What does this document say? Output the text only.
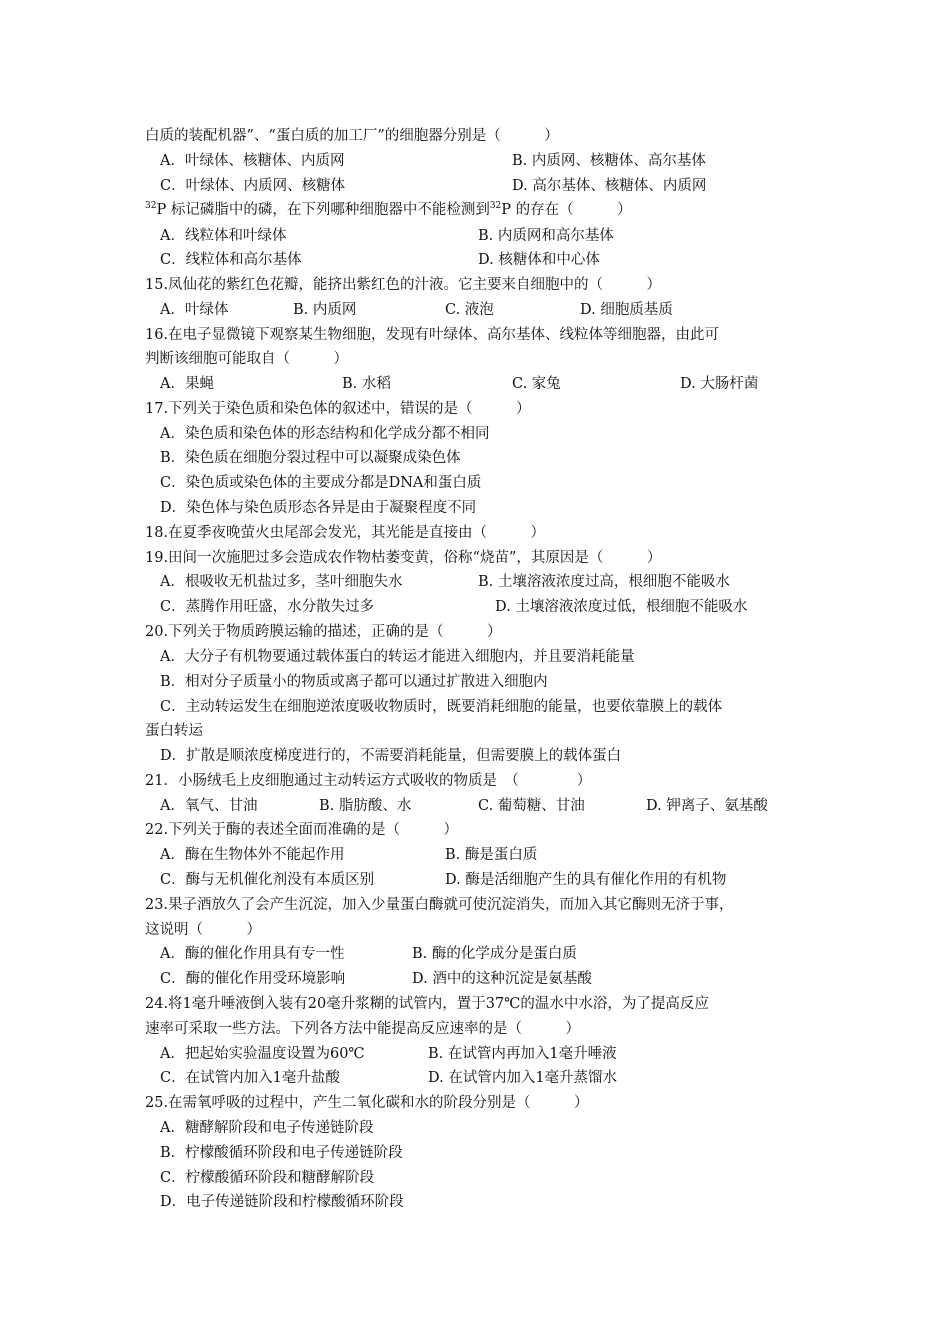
白质的装配机器”、“蛋白质的加工厂”的细胞器分别是（　　　）
A．叶绿体、核糖体、内质网	B. 内质网、核糖体、高尔基体
C．叶绿体、内质网、核糖体	D. 高尔基体、核糖体、内质网
$^{32}$P 标记磷脂中的磷，在下列哪种细胞器中不能检测到$^{32}$P 的存在（　　　）
A．线粒体和叶绿体	B. 内质网和高尔基体
C．线粒体和高尔基体	D. 核糖体和中心体
15.凤仙花的紫红色花瓣，能挤出紫红色的汁液。它主要来自细胞中的（　　　）
A．叶绿体	B. 内质网	C. 液泡	D. 细胞质基质
16.在电子显微镜下观察某生物细胞，发现有叶绿体、高尔基体、线粒体等细胞器，由此可
判断该细胞可能取自（　　　）
A．果蝇	B. 水稻	C. 家兔	D. 大肠杆菌
17.下列关于染色质和染色体的叙述中，错误的是（　　　）
A．染色质和染色体的形态结构和化学成分都不相同
B．染色质在细胞分裂过程中可以凝聚成染色体
C．染色质或染色体的主要成分都是DNA和蛋白质
D．染色体与染色质形态各异是由于凝聚程度不同
18.在夏季夜晚萤火虫尾部会发光，其光能是直接由（　　　）
19.田间一次施肥过多会造成农作物枯萎变黄，俗称“烧苗”，其原因是（　　　）
A．根吸收无机盐过多，茎叶细胞失水	B. 土壤溶液浓度过高，根细胞不能吸水
C．蒸腾作用旺盛，水分散失过多	D. 土壤溶液浓度过低，根细胞不能吸水
20.下列关于物质跨膜运输的描述，正确的是（　　　）
A．大分子有机物要通过载体蛋白的转运才能进入细胞内，并且要消耗能量
B．相对分子质量小的物质或离子都可以通过扩散进入细胞内
C．主动转运发生在细胞逆浓度吸收物质时，既要消耗细胞的能量，也要依靠膜上的载体
蛋白转运
D．扩散是顺浓度梯度进行的，不需要消耗能量，但需要膜上的载体蛋白
21．小肠绒毛上皮细胞通过主动转运方式吸收的物质是　（　　　　）
A．氧气、甘油	B. 脂肪酸、水	C. 葡萄糖、甘油	D. 钾离子、氨基酸
22.下列关于酶的表述全面而准确的是（　　　）
A．酶在生物体外不能起作用	B. 酶是蛋白质
C．酶与无机催化剂没有本质区别	D. 酶是活细胞产生的具有催化作用的有机物
23.果子酒放久了会产生沉淀，加入少量蛋白酶就可使沉淀消失，而加入其它酶则无济于事，
这说明（　　　）
A．酶的催化作用具有专一性	B. 酶的化学成分是蛋白质
C．酶的催化作用受环境影响	D. 酒中的这种沉淀是氨基酸
24.将1毫升唾液倒入装有20毫升浆糊的试管内，置于37℃的温水中水浴，为了提高反应
速率可采取一些方法。下列各方法中能提高反应速率的是（　　　）
A．把起始实验温度设置为60℃	B. 在试管内再加入1毫升唾液
C．在试管内加入1毫升盐酸	D. 在试管内加入1毫升蒸馏水
25.在需氧呼吸的过程中，产生二氧化碳和水的阶段分别是（　　　）
A．糖酵解阶段和电子传递链阶段
B．柠檬酸循环阶段和电子传递链阶段
C．柠檬酸循环阶段和糖酵解阶段
D．电子传递链阶段和柠檬酸循环阶段
